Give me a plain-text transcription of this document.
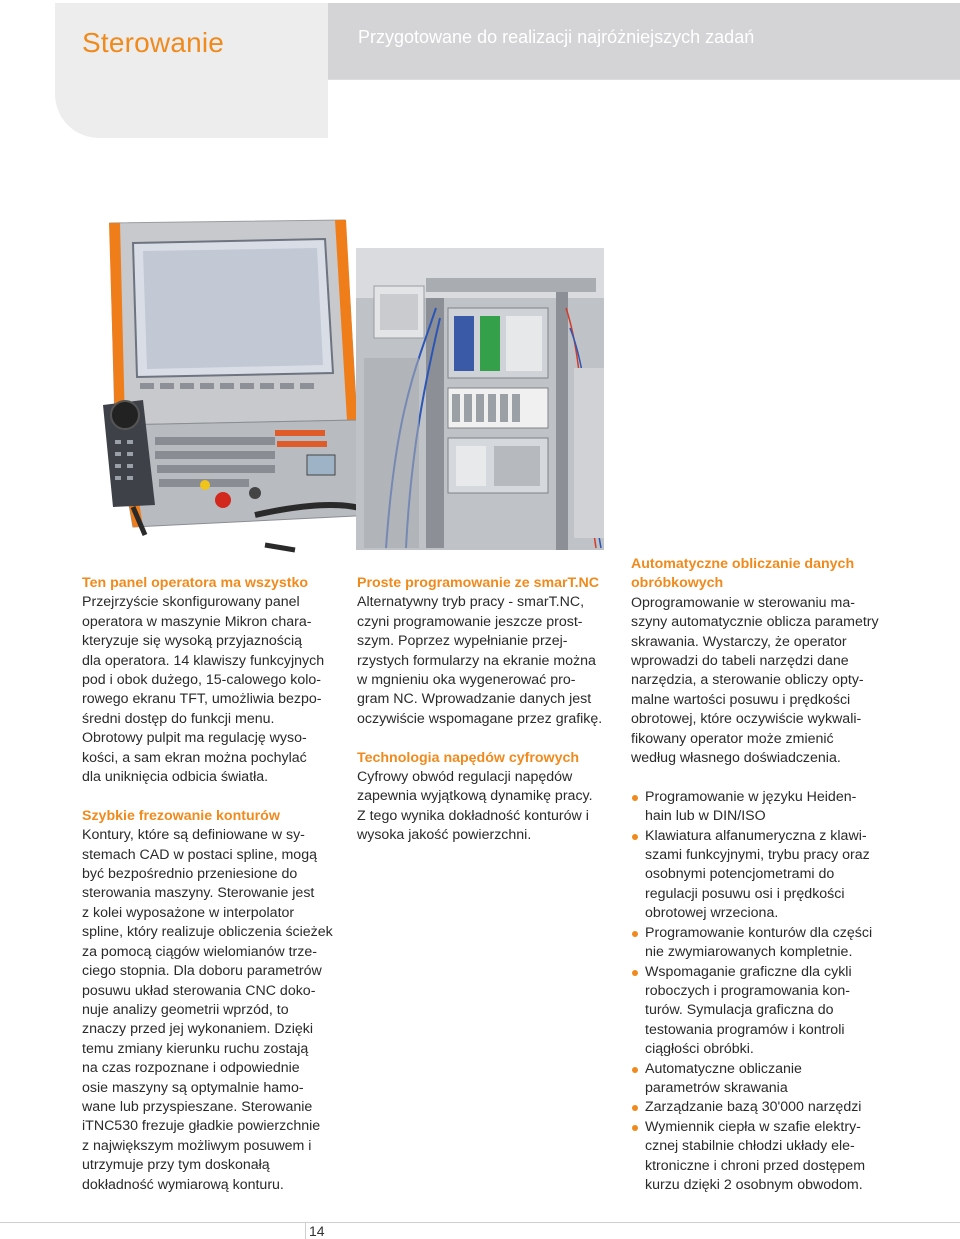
Sterowanie	Przygotowane do realizacji najróżniejszych zadań
Ten panel operatora ma wszystko

Przejrzyście skonfigurowany panel
operatora w maszynie Mikron chara-
kteryzuje się wysoką przyjaznością
dla operatora. 14 klawiszy funkcyjnych
pod i obok dużego, 15-calowego kolo-
rowego ekranu TFT, umożliwia bezpo-
średni dostęp do funkcji menu.

Obrotowy pulpit ma regulację wyso-
kości, a sam ekran można pochylać
dla uniknięcia odbicia światła.

Szybkie frezowanie konturów

Kontury, które są definiowane w sy-
stemach CAD w postaci spline, mogą
być bezpośrednio przeniesione do
sterowania maszyny. Sterowanie jest
z kolei wyposażone w interpolator
spline, który realizuje obliczenia ścieżek
za pomocą ciągów wielomianów trze-
ciego stopnia. Dla doboru parametrów
posuwu układ sterowania CNC doko-
nuje analizy geometrii wprzód, to
znaczy przed jej wykonaniem. Dzięki
temu zmiany kierunku ruchu zostają
na czas rozpoznane i odpowiednie
osie maszyny są optymalnie hamo-
wane lub przyspieszane. Sterowanie
iTNC530 frezuje gładkie powierzchnie
z największym możliwym posuwem i
utrzymuje przy tym doskonałą
dokładność wymiarową konturu.

Proste programowanie ze smarT.NC

Alternatywny tryb pracy - smarT.NC,
czyni programowanie jeszcze prost-
szym. Poprzez wypełnianie przej-
rzystych formularzy na ekranie można
w mgnieniu oka wygenerować pro-
gram NC. Wprowadzanie danych jest
oczywiście wspomagane przez grafikę.

Technologia napędów cyfrowych

Cyfrowy obwód regulacji napędów
zapewnia wyjątkową dynamikę pracy.
Z tego wynika dokładność konturów i
wysoka jakość powierzchni.

Automatyczne obliczanie danych
obróbkowych

Oprogramowanie w sterowaniu ma-
szyny automatycznie oblicza parametry
skrawania. Wystarczy, że operator
wprowadzi do tabeli narzędzi dane
narzędzia, a sterowanie obliczy opty-
malne wartości posuwu i prędkości
obrotowej, które oczywiście wykwali-
fikowany operator może zmienić
według własnego doświadczenia.

Programowanie w języku Heiden-
hain lub w DIN/ISO
Klawiatura alfanumeryczna z klawi-
szami funkcyjnymi, trybu pracy oraz
osobnymi potencjometrami do
regulacji posuwu osi i prędkości
obrotowej wrzeciona.
Programowanie konturów dla części
nie zwymiarowanych kompletnie.
Wspomaganie graficzne dla cykli
roboczych i programowania kon-
turów. Symulacja graficzna do
testowania programów i kontroli
ciągłości obróbki.
Automatyczne obliczanie
parametrów skrawania
Zarządzanie bazą 30'000 narzędzi
Wymiennik ciepła w szafie elektry-
cznej stabilnie chłodzi układy ele-
ktroniczne i chroni przed dostępem
kurzu dzięki 2 osobnym obwodom.
14
